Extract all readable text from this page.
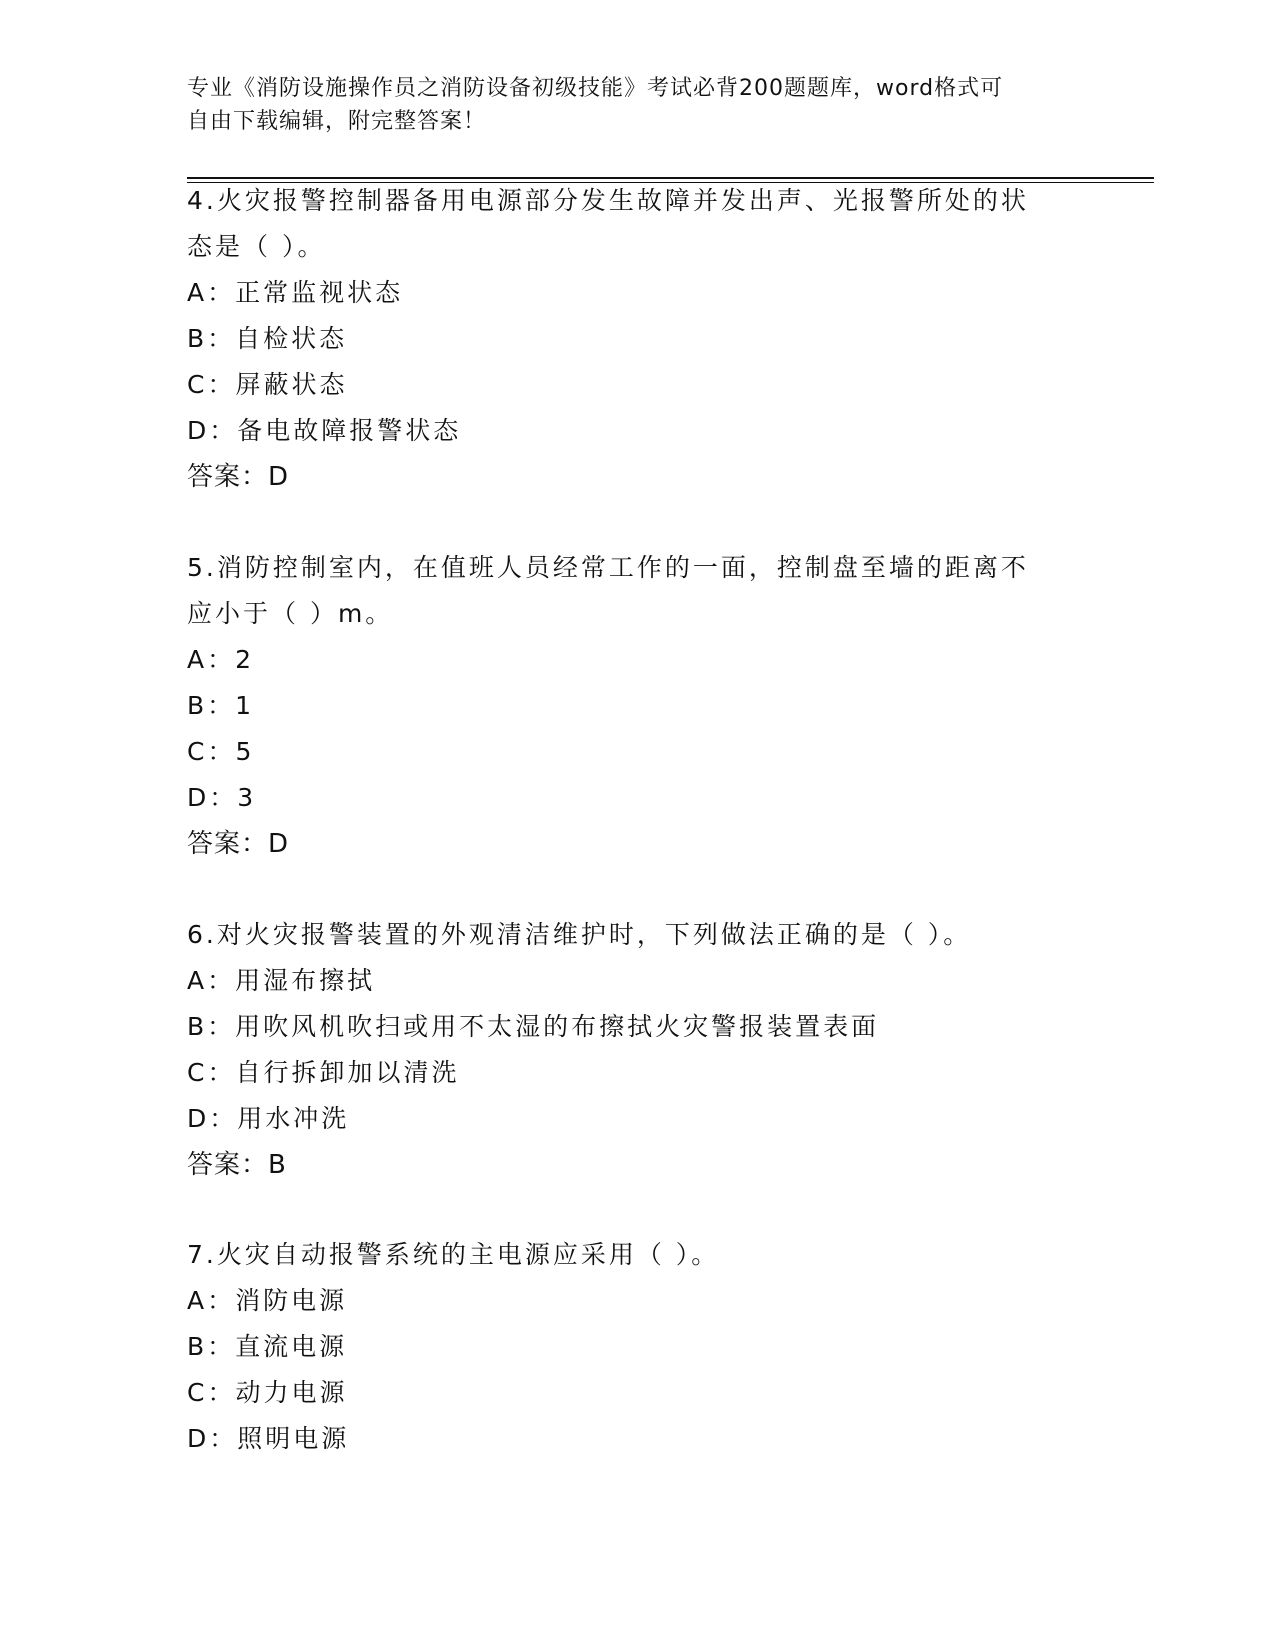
专业《消防设施操作员之消防设备初级技能》考试必背200题题库，word格式可
自由下载编辑，附完整答案！
4.火灾报警控制器备用电源部分发生故障并发出声、光报警所处的状
态是（ ）。
A：正常监视状态
B：自检状态
C：屏蔽状态
D：备电故障报警状态
答案：D
5.消防控制室内，在值班人员经常工作的一面，控制盘至墙的距离不
应小于（ ）m。
A：2
B：1
C：5
D：3
答案：D
6.对火灾报警装置的外观清洁维护时，下列做法正确的是（ ）。
A：用湿布擦拭
B：用吹风机吹扫或用不太湿的布擦拭火灾警报装置表面
C：自行拆卸加以清洗
D：用水冲洗
答案：B
7.火灾自动报警系统的主电源应采用（ ）。
A：消防电源
B：直流电源
C：动力电源
D：照明电源
